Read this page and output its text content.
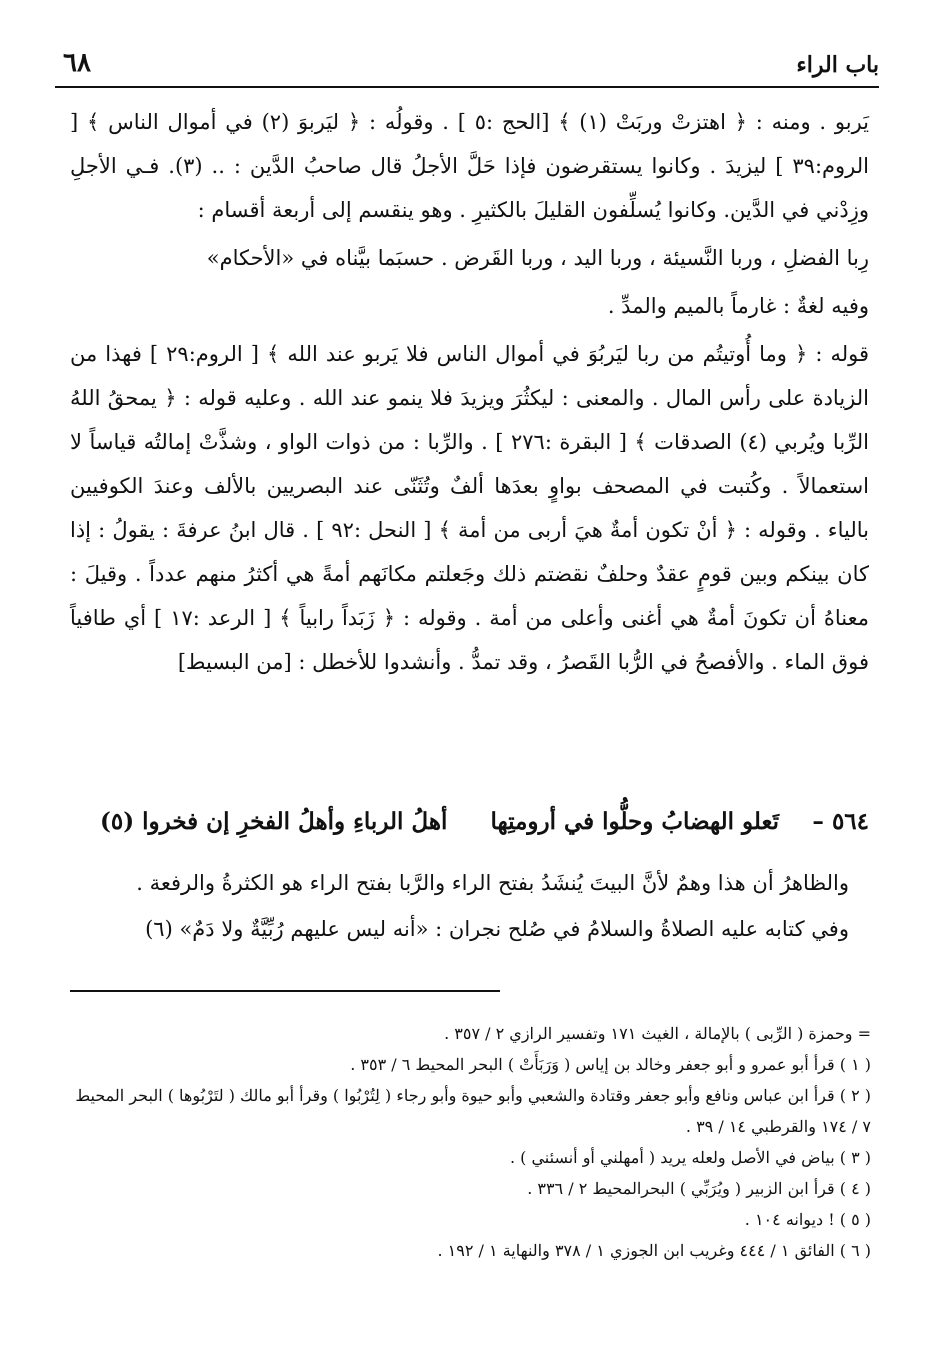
باب الراء
٦٨

يَربو . ومنه : ﴿ اهتزتْ وربَتْ (١) ﴾ [الحج :٥ ] . وقولُه : ﴿ ليَربوَ (٢) في أموال الناس ﴾ [ الروم:٣٩ ] ليزيدَ . وكانوا يستقرضون فإذا حَلَّ الأجلُ قال صاحبُ الدَّين : .. (٣). فـي الأجلِ وزِدْني في الدَّين. وكانوا يُسلِّفون القليلَ بالكثيرِ . وهو ينقسم إلى أربعة أقسام :

رِبا الفضلِ ، وربا النَّسيئة ، وربا اليد ، وربا القَرض . حسبَما بيَّناه في «الأحكام»

وفيه لغةٌ : غارماً بالميم والمدِّ .

قوله : ﴿ وما أُوتيتُم من ربا ليَربُوَ في أموال الناس فلا يَربو عند الله ﴾ [ الروم:٢٩ ] فهذا من الزيادة على رأس المال . والمعنى : ليكثُرَ ويزيدَ فلا ينمو عند الله . وعليه قوله : ﴿ يمحقُ اللهُ الرِّبا ويُربي (٤) الصدقات ﴾ [ البقرة :٢٧٦ ] . والرِّبا : من ذوات الواو ، وشذَّتْ إمالتُه قياساً لا استعمالاً . وكُتبت في المصحف بواوٍ بعدَها ألفٌ وتُثَنّى عند البصريين بالألف وعندَ الكوفيين بالياء . وقوله : ﴿ أنْ تكون أمةٌ هيَ أربى من أمة ﴾ [ النحل :٩٢ ] . قال ابنُ عرفةَ : يقولُ : إذا كان بينكم وبين قومٍ عقدٌ وحلفٌ نقضتم ذلك وجَعلتم مكانَهم أمةً هي أكثرُ منهم عدداً . وقيلَ : معناهُ أن تكونَ أمةٌ هي أغنى وأعلى من أمة . وقوله : ﴿ زَبَداً رابياً ﴾ [ الرعد :١٧ ] أي طافياً فوق الماء . والأفصحُ في الرُّبا القَصرُ ، وقد تمدُّ . وأنشدوا للأخطل : [من البسيط]

٥٦٤ –
تَعلو الهضابُ وحلُّوا في أرومتِها
أهلُ الرباءِ وأهلُ الفخرِ إن فخروا (٥)

والظاهرُ أن هذا وهمٌ لأنَّ البيتَ يُنشَدُ بفتح الراء والرَّبا بفتح الراء هو الكثرةُ والرفعة .

وفي كتابه عليه الصلاةُ والسلامُ في صُلح نجران : «أنه ليس عليهم رُبِّيَّةٌ ولا دَمٌ» (٦)

= وحمزة ( الرِّبى ) بالإمالة ، الغيث ١٧١ وتفسير الرازي ٢ / ٣٥٧ .

( ١ ) قرأ أبو عمرو و أبو جعفر وخالد بن إياس ( وَرَبَأَتْ ) البحر المحيط ٦ / ٣٥٣ .

( ٢ ) قرأ ابن عباس ونافع وأبو جعفر وقتادة والشعبي وأبو حيوة وأبو رجاء ( لِتُرْبُوا ) وقرأ أبو مالك ( لتَرْبُوها ) البحر المحيط ٧ / ١٧٤ والقرطبي ١٤ / ٣٩ .

( ٣ ) بياض في الأصل ولعله يريد ( أمهلني أو أنسئني ) .

( ٤ ) قرأ ابن الزبير ( ويُرَبِّي ) البحرالمحيط ٢ / ٣٣٦ .

( ٥ ) ! ديوانه ١٠٤ .

( ٦ ) الفائق ١ / ٤٤٤ وغريب ابن الجوزي ١ / ٣٧٨ والنهاية ١ / ١٩٢ .
